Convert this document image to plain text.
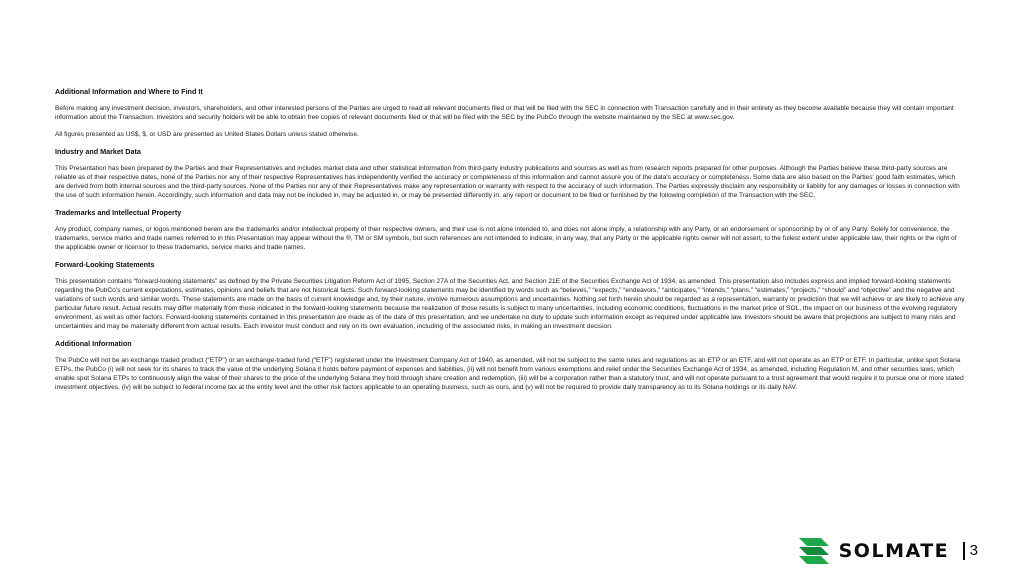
Additional Information and Where to Find It
Before making any investment decision, investors, shareholders, and other interested persons of the Parties are urged to read all relevant documents filed or that will be filed with the SEC in connection with Transaction carefully and in their entirety as they become available because they will contain important information about the Transaction. Investors and security holders will be able to obtain free copies of relevant documents filed or that will be filed with the SEC by the PubCo through the website maintained by the SEC at www.sec.gov.
All figures presented as US$, $, or USD are presented as United States Dollars unless stated otherwise.
Industry and Market Data
This Presentation has been prepared by the Parties and their Representatives and includes market data and other statistical information from third-party industry publications and sources as well as from research reports prepared for other purposes. Although the Parties believe these third-party sources are reliable as of their respective dates, none of the Parties nor any of their respective Representatives has independently verified the accuracy or completeness of this information and cannot assure you of the data's accuracy or completeness. Some data are also based on the Parties' good faith estimates, which are derived from both internal sources and the third-party sources. None of the Parties nor any of their Representatives make any representation or warranty with respect to the accuracy of such information. The Parties expressly disclaim any responsibility or liability for any damages or losses in connection with the use of such information herein. Accordingly, such information and data may not be included in, may be adjusted in, or may be presented differently in, any report or document to be filed or furnished by the following completion of the Transaction with the SEC.
Trademarks and Intellectual Property
Any product, company names, or logos mentioned herein are the trademarks and/or intellectual property of their respective owners, and their use is not alone intended to, and does not alone imply, a relationship with any Party, or an endorsement or sponsorship by or of any Party. Solely for convenience, the trademarks, service marks and trade names referred to in this Presentation may appear without the ®, TM or SM symbols, but such references are not intended to indicate, in any way, that any Party or the applicable rights owner will not assert, to the fullest extent under applicable law, their rights or the right of the applicable owner or licensor to these trademarks, service marks and trade names.
Forward-Looking Statements
This presentation contains “forward-looking statements” as defined by the Private Securities Litigation Reform Act of 1995, Section 27A of the Securities Act, and Section 21E of the Securities Exchange Act of 1934, as amended. This presentation also includes express and implied forward-looking statements regarding the PubCo's current expectations, estimates, opinions and beliefs that are not historical facts. Such forward-looking statements may be identified by words such as “believes,” “expects,” “endeavors,” “anticipates,” “intends,” “plans,” “estimates,” “projects,” “should” and “objective” and the negative and variations of such words and similar words. These statements are made on the basis of current knowledge and, by their nature, involve numerous assumptions and uncertainties. Nothing set forth herein should be regarded as a representation, warranty or prediction that we will achieve or are likely to achieve any particular future result. Actual results may differ materially from those indicated in the forward-looking statements because the realization of those results is subject to many uncertainties, including economic conditions, fluctuations in the market price of SOL, the impact on our business of the evolving regulatory environment, as well as other factors. Forward-looking statements contained in this presentation are made as of the date of this presentation, and we undertake no duty to update such information except as required under applicable law. Investors should be aware that projections are subject to many risks and uncertainties and may be materially different from actual results. Each investor must conduct and rely on its own evaluation, including of the associated risks, in making an investment decision.
Additional Information
The PubCo will not be an exchange traded product (“ETP”) or an exchange-traded fund (“ETF”) registered under the Investment Company Act of 1940, as amended, will not be subject to the same rules and regulations as an ETP or an ETF, and will not operate as an ETP or ETF. In particular, unlike spot Solana ETPs, the PubCo (i) will not seek for its shares to track the value of the underlying Solana it holds before payment of expenses and liabilities, (ii) will not benefit from various exemptions and relief under the Securities Exchange Act of 1934, as amended, including Regulation M, and other securities laws, which enable spot Solana ETPs to continuously align the value of their shares to the price of the underlying Solana they hold through share creation and redemption, (iii) will be a corporation rather than a statutory trust, and will not operate pursuant to a trust agreement that would require it to pursue one or more stated investment objectives, (iv) will be subject to federal income tax at the entity level and the other risk factors applicable to an operating business, such as ours, and (v) will not be required to provide daily transparency as to its Solana holdings or its daily NAV.
SOLMATE 3
